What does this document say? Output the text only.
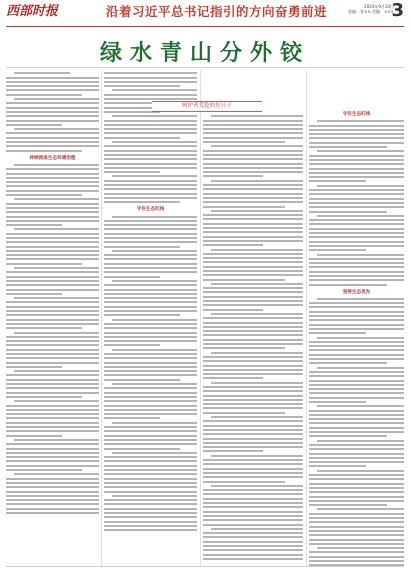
西部时报	沿着习近平总书记指引的方向奋勇前进	2024年9月10日
责编：张×× 美编：×××
3
绿水青山分外铰
持续推进生态环境治理
守住生态红线
呵护者荒乾的好日子
守住生态红线
坚持生态优先
